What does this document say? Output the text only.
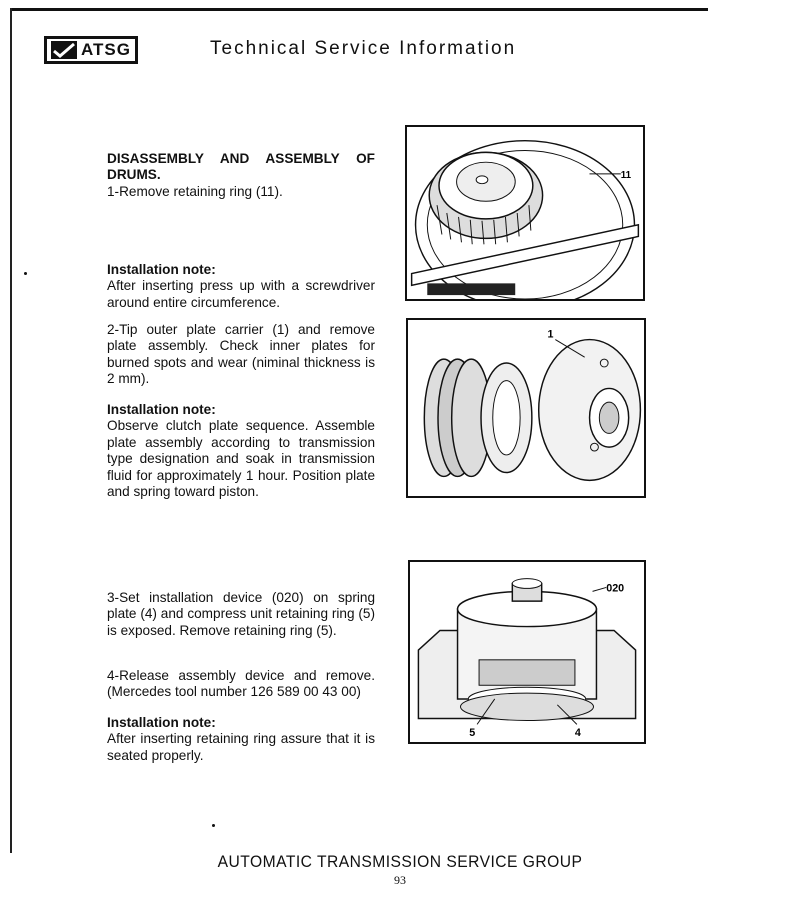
ATSG	Technical Service Information

DISASSEMBLY AND ASSEMBLY OF DRUMS.

1-Remove retaining ring (11).

Installation note:

After inserting press up with a screwdriver around entire circumference.

2-Tip outer plate carrier (1) and remove plate assembly. Check inner plates for burned spots and wear (niminal thickness is 2 mm).

Installation note:

Observe clutch plate sequence. Assemble plate assembly according to transmission type designation and soak in transmission fluid for approximately 1 hour. Position plate and spring toward piston.

3-Set installation device (020) on spring plate (4) and compress unit retaining ring (5) is exposed. Remove retaining ring (5).

4-Release assembly device and remove. (Mercedes tool number 126 589 00 43 00)

Installation note:

After inserting retaining ring assure that it is seated properly.

11
1
020
5	4
AUTOMATIC TRANSMISSION SERVICE GROUP
93
